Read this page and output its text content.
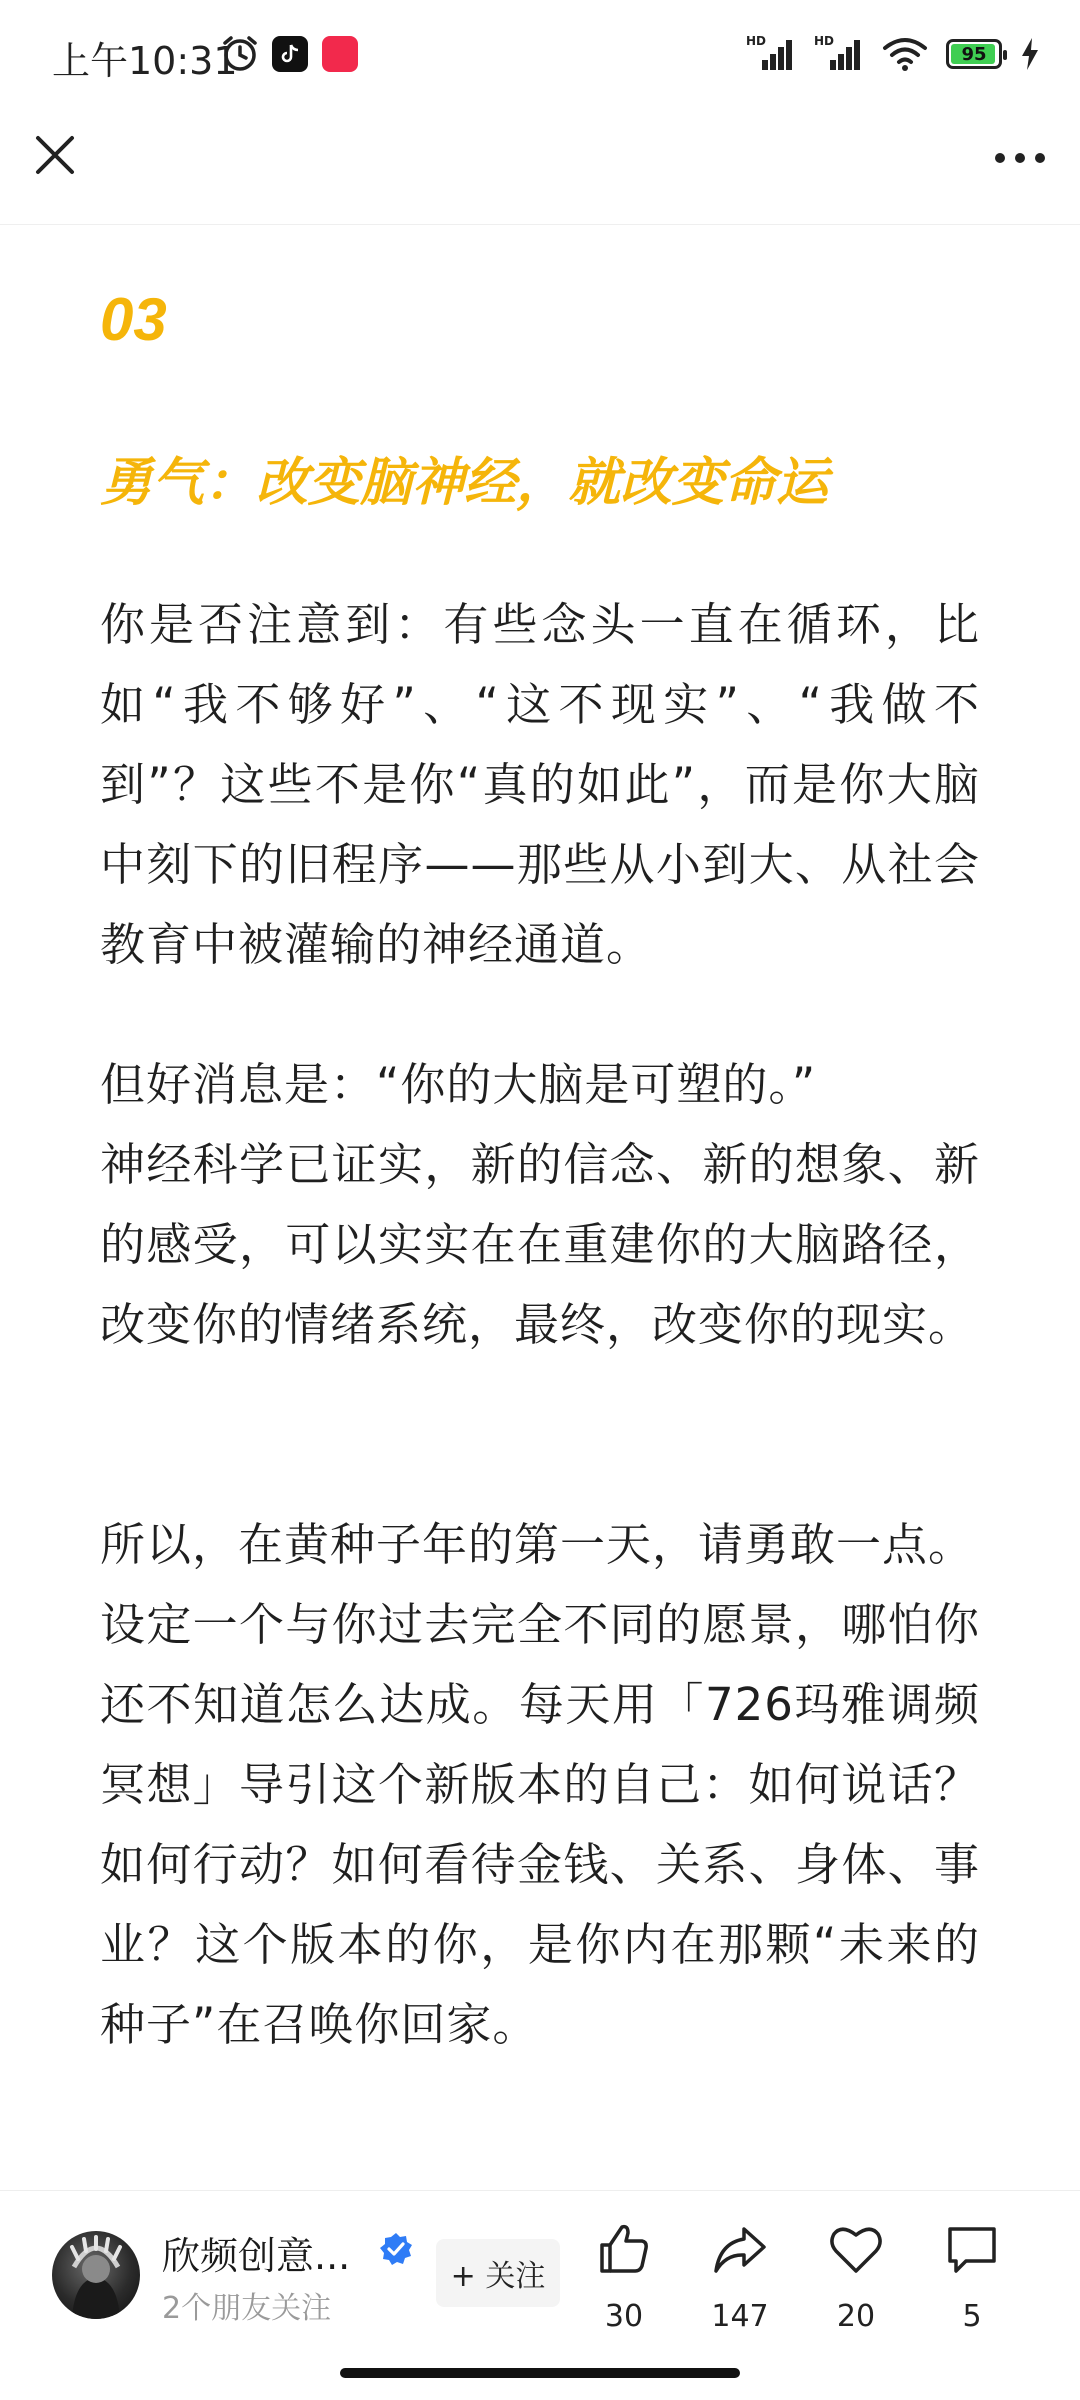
上午10:31	HD	HD
95
03
勇气：改变脑神经，就改变命运
你是否注意到：有些念头一直在循环，比如“我不够好”、“这不现实”、“我做不到”？这些不是你“真的如此”，而是你大脑中刻下的旧程序——那些从小到大、从社会教育中被灌输的神经通道。
但好消息是：“你的大脑是可塑的。”
神经科学已证实，新的信念、新的想象、新的感受，可以实实在在重建你的大脑路径，改变你的情绪系统，最终，改变你的现实。
所以，在黄种子年的第一天，请勇敢一点。
设定一个与你过去完全不同的愿景，哪怕你还不知道怎么达成。每天用「726玛雅调频冥想」导引这个新版本的自己：如何说话？如何行动？如何看待金钱、关系、身体、事业？这个版本的你，是你内在那颗“未来的种子”在召唤你回家。
欣频创意...
2个朋友关注
+ 关注
30	147	20	5
